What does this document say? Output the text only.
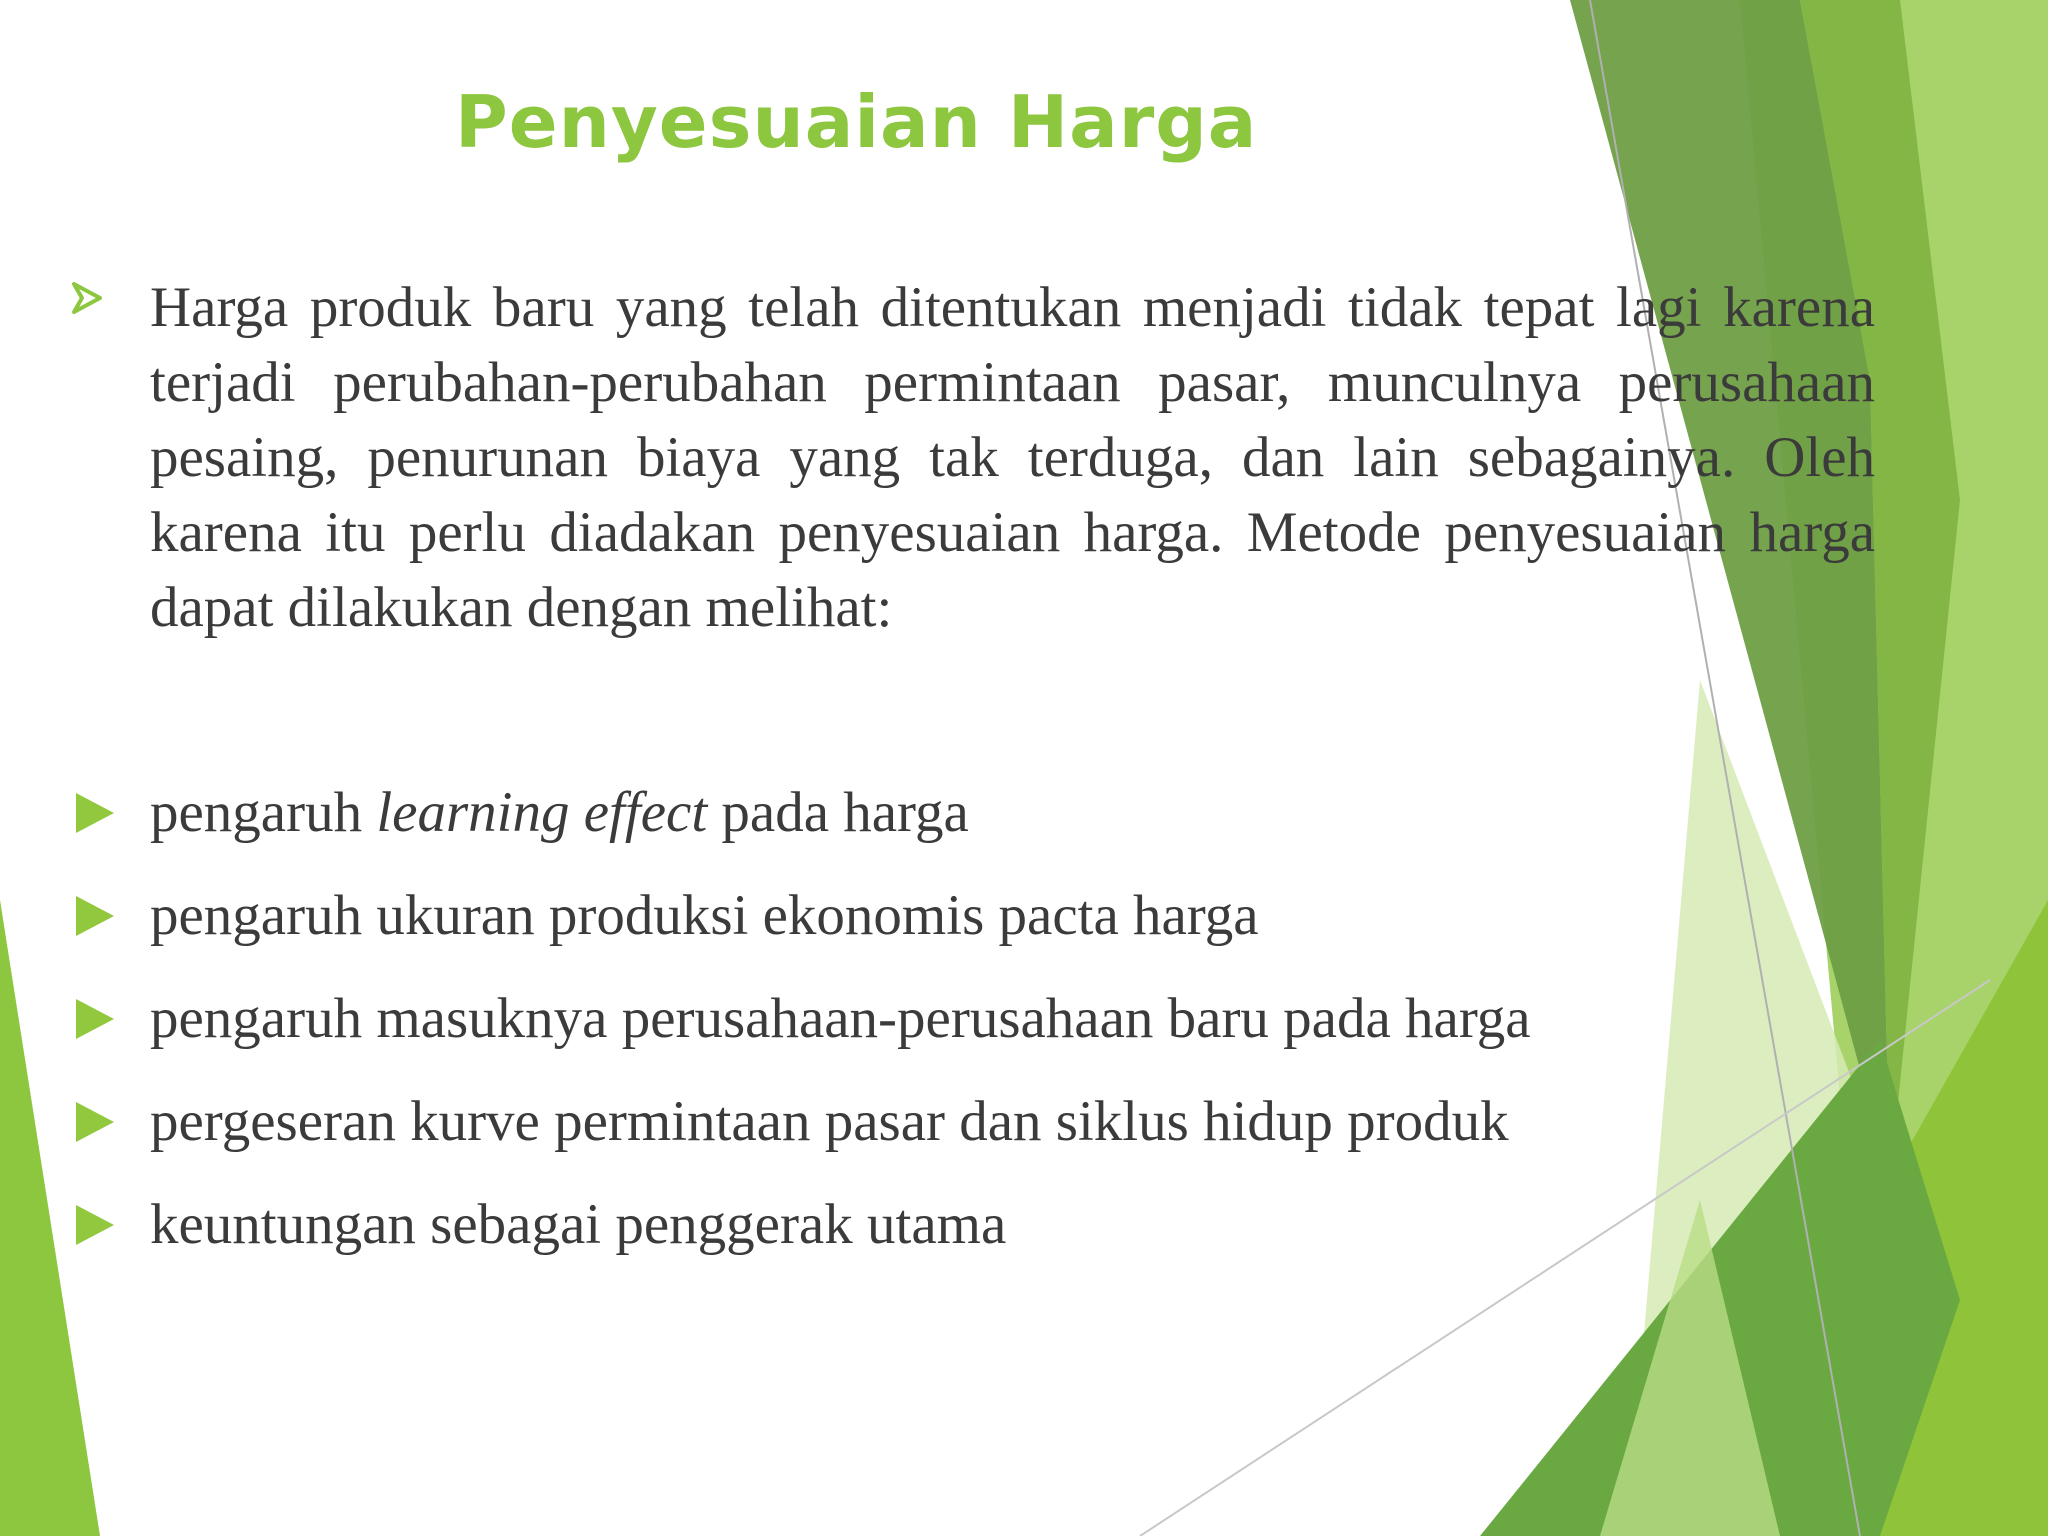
Penyesuaian Harga
Harga produk baru yang telah ditentukan menjadi tidak tepat lagi karena terjadi perubahan-perubahan permintaan pasar, munculnya perusahaan pesaing, penurunan biaya yang tak terduga, dan lain sebagainya. Oleh karena itu perlu diadakan penyesuaian harga. Metode penyesuaian harga dapat dilakukan dengan melihat:
pengaruh learning effect pada harga
pengaruh ukuran produksi ekonomis pacta harga
pengaruh masuknya perusahaan-perusahaan baru pada harga
pergeseran kurve permintaan pasar dan siklus hidup produk
keuntungan sebagai penggerak utama
